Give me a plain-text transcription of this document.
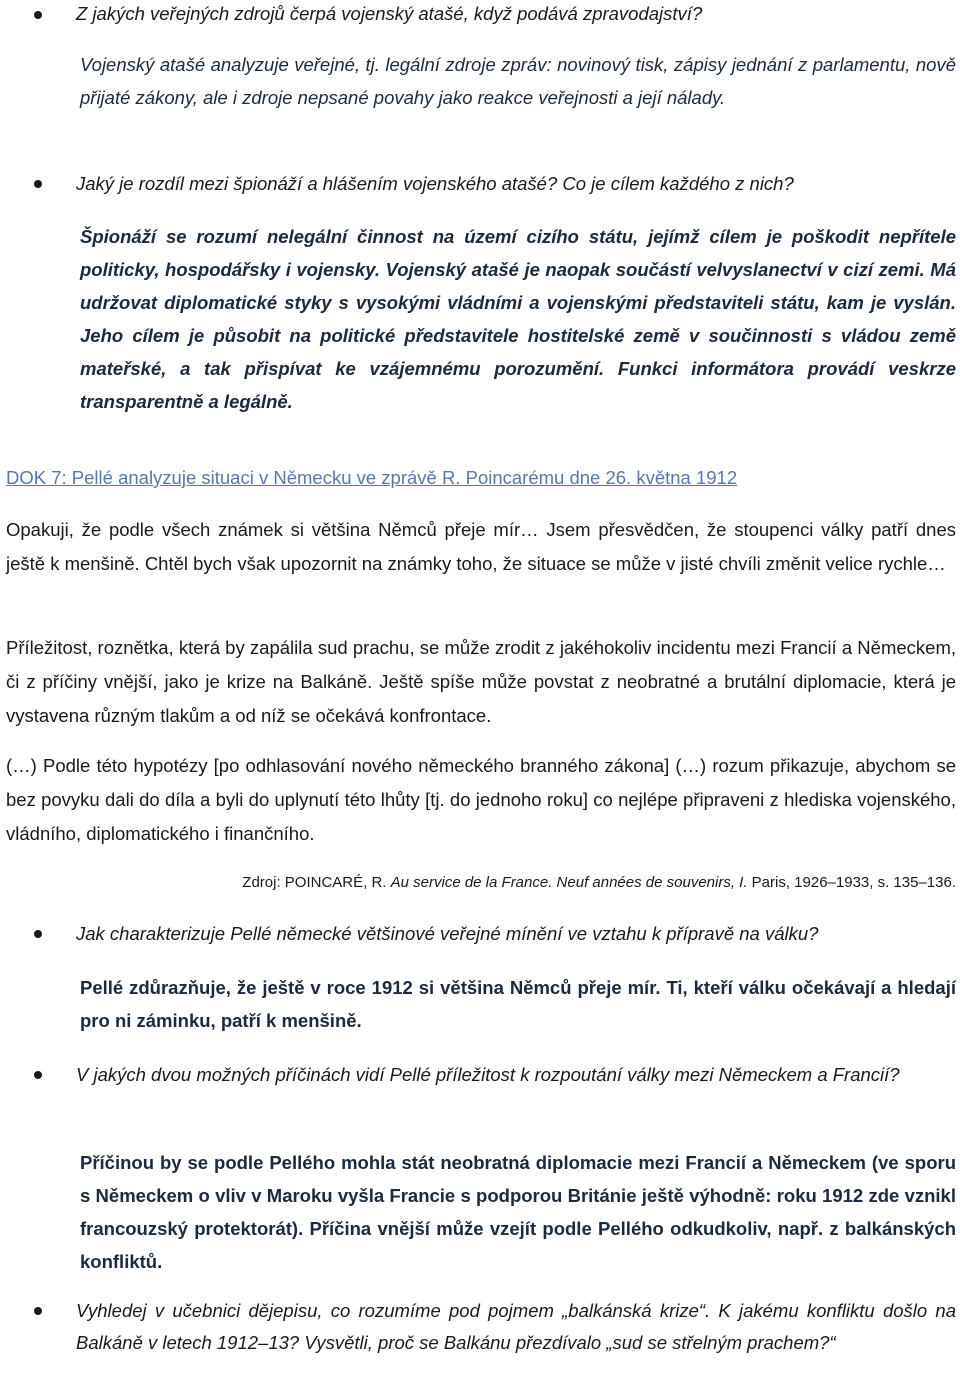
Z jakých veřejných zdrojů čerpá vojenský atašé, když podává zpravodajství?

Vojenský atašé analyzuje veřejné, tj. legální zdroje zpráv: novinový tisk, zápisy jednání z parlamentu, nově přijaté zákony, ale i zdroje nepsané povahy jako reakce veřejnosti a její nálady.

Jaký je rozdíl mezi špionáží a hlášením vojenského atašé? Co je cílem každého z nich?

Špionáží se rozumí nelegální činnost na území cizího státu, jejímž cílem je poškodit nepřítele politicky, hospodářsky i vojensky. Vojenský atašé je naopak součástí velvyslanectví v cizí zemi. Má udržovat diplomatické styky s vysokými vládními a vojenskými představiteli státu, kam je vyslán. Jeho cílem je působit na politické představitele hostitelské země v součinnosti s vládou země mateřské, a tak přispívat ke vzájemnému porozumění. Funkci informátora provádí veskrze transparentně a legálně.

DOK 7: Pellé analyzuje situaci v Německu ve zprávě R. Poincarému dne 26. května 1912

Opakuji, že podle všech známek si většina Němců přeje mír… Jsem přesvědčen, že stoupenci války patří dnes ještě k menšině. Chtěl bych však upozornit na známky toho, že situace se může v jisté chvíli změnit velice rychle…

Příležitost, roznětka, která by zapálila sud prachu, se může zrodit z jakéhokoliv incidentu mezi Francií a Německem, či z příčiny vnější, jako je krize na Balkáně. Ještě spíše může povstat z neobratné a brutální diplomacie, která je vystavena různým tlakům a od níž se očekává konfrontace.

(…) Podle této hypotézy [po odhlasování nového německého branného zákona] (…) rozum přikazuje, abychom se bez povyku dali do díla a byli do uplynutí této lhůty [tj. do jednoho roku] co nejlépe připraveni z hlediska vojenského, vládního, diplomatického i finančního.

Zdroj: POINCARÉ, R. Au service de la France. Neuf années de souvenirs, I. Paris, 1926–1933, s. 135–136.

Jak charakterizuje Pellé německé většinové veřejné mínění ve vztahu k přípravě na válku?

Pellé zdůrazňuje, že ještě v roce 1912 si většina Němců přeje mír. Ti, kteří válku očekávají a hledají pro ni záminku, patří k menšině.

V jakých dvou možných příčinách vidí Pellé příležitost k rozpoutání války mezi Německem a Francií?

Příčinou by se podle Pellého mohla stát neobratná diplomacie mezi Francií a Německem (ve sporu s Německem o vliv v Maroku vyšla Francie s podporou Británie ještě výhodně: roku 1912 zde vznikl francouzský protektorát). Příčina vnější může vzejít podle Pelléhо odkudkoliv, např. z balkánských konfliktů.

Vyhledej v učebnici dějepisu, co rozumíme pod pojmem „balkánská krize“. K jakému konfliktu došlo na Balkáně v letech 1912–13? Vysvětli, proč se Balkánu přezdívalo „sud se střelným prachem?“
